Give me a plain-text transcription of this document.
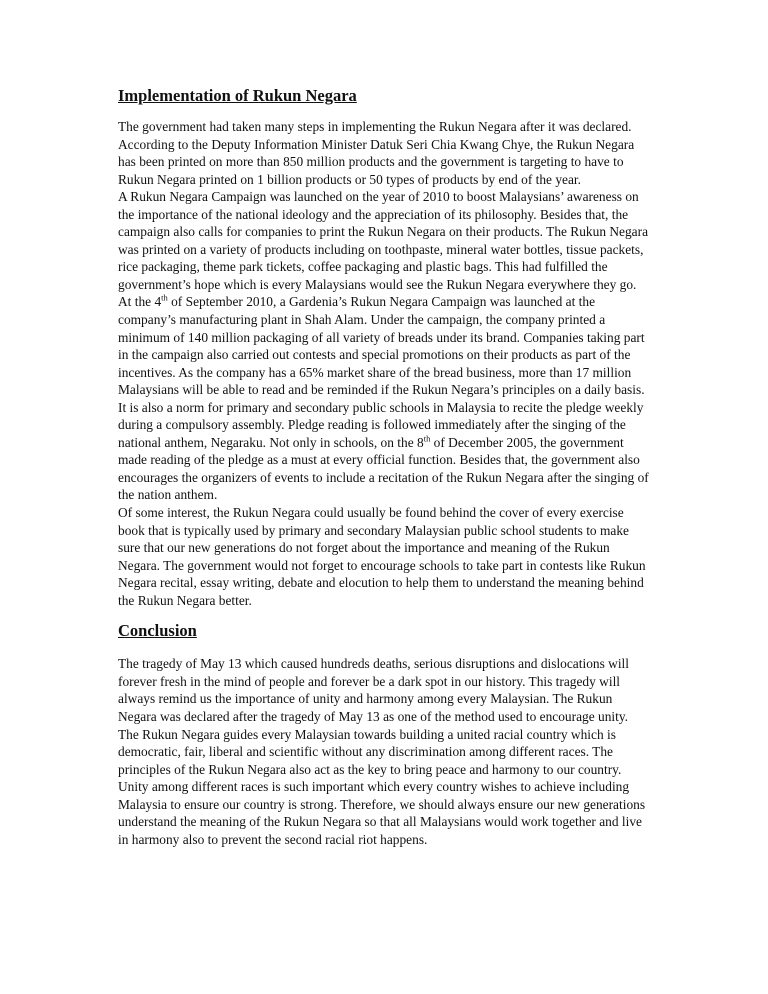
Implementation of Rukun Negara

The government had taken many steps in implementing the Rukun Negara after it was declared. According to the Deputy Information Minister Datuk Seri Chia Kwang Chye, the Rukun Negara has been printed on more than 850 million products and the government is targeting to have to Rukun Negara printed on 1 billion products or 50 types of products by end of the year.

A Rukun Negara Campaign was launched on the year of 2010 to boost Malaysians’ awareness on the importance of the national ideology and the appreciation of its philosophy. Besides that, the campaign also calls for companies to print the Rukun Negara on their products. The Rukun Negara was printed on a variety of products including on toothpaste, mineral water bottles, tissue packets, rice packaging, theme park tickets, coffee packaging and plastic bags. This had fulfilled the government’s hope which is every Malaysians would see the Rukun Negara everywhere they go.

At the 4th of September 2010, a Gardenia’s Rukun Negara Campaign was launched at the company’s manufacturing plant in Shah Alam. Under the campaign, the company printed a minimum of 140 million packaging of all variety of breads under its brand. Companies taking part in the campaign also carried out contests and special promotions on their products as part of the incentives. As the company has a 65% market share of the bread business, more than 17 million Malaysians will be able to read and be reminded if the Rukun Negara’s principles on a daily basis.

It is also a norm for primary and secondary public schools in Malaysia to recite the pledge weekly during a compulsory assembly. Pledge reading is followed immediately after the singing of the national anthem, Negaraku. Not only in schools, on the 8th of December 2005, the government made reading of the pledge as a must at every official function. Besides that, the government also encourages the organizers of events to include a recitation of the Rukun Negara after the singing of the nation anthem.

Of some interest, the Rukun Negara could usually be found behind the cover of every exercise book that is typically used by primary and secondary Malaysian public school students to make sure that our new generations do not forget about the importance and meaning of the Rukun Negara. The government would not forget to encourage schools to take part in contests like Rukun Negara recital, essay writing, debate and elocution to help them to understand the meaning behind the Rukun Negara better.

Conclusion

The tragedy of May 13 which caused hundreds deaths, serious disruptions and dislocations will forever fresh in the mind of people and forever be a dark spot in our history. This tragedy will always remind us the importance of unity and harmony among every Malaysian. The Rukun Negara was declared after the tragedy of May 13 as one of the method used to encourage unity. The Rukun Negara guides every Malaysian towards building a united racial country which is democratic, fair, liberal and scientific without any discrimination among different races. The principles of the Rukun Negara also act as the key to bring peace and harmony to our country. Unity among different races is such important which every country wishes to achieve including Malaysia to ensure our country is strong. Therefore, we should always ensure our new generations understand the meaning of the Rukun Negara so that all Malaysians would work together and live in harmony also to prevent the second racial riot happens.
